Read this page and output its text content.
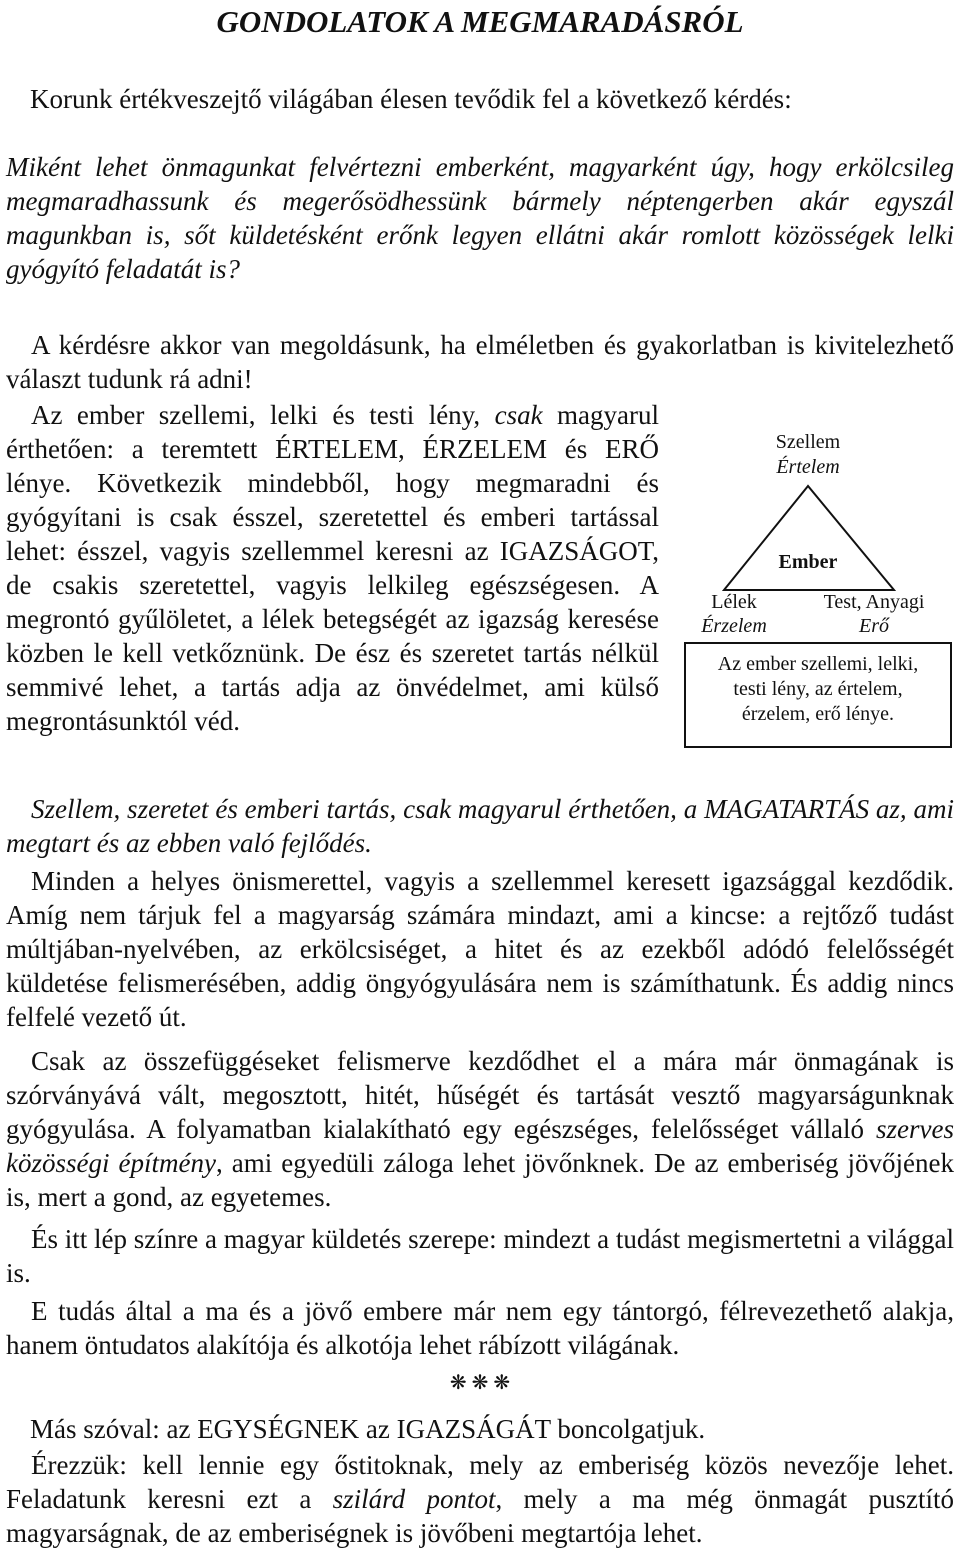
GONDOLATOK A MEGMARADÁSRÓL

Korunk értékveszejtő világában élesen tevődik fel a következő kérdés:

Miként lehet önmagunkat felvértezni emberként, magyarként úgy, hogy erkölcsileg megmaradhassunk és megerősödhessünk bármely néptengerben akár egyszál magunkban is, sőt küldetésként erőnk legyen ellátni akár romlott közösségek lelki gyógyító feladatát is?

A kérdésre akkor van megoldásunk, ha elméletben és gyakorlatban is kivitelezhető választ tudunk rá adni!

Az ember szellemi, lelki és testi lény, csak magyarul érthetően: a teremtett ÉRTELEM, ÉRZELEM és ERŐ lénye. Következik mindebből, hogy megmaradni és gyógyítani is csak ésszel, szeretettel és emberi tartással lehet: ésszel, vagyis szellemmel keresni az IGAZSÁGOT, de csakis szeretettel, vagyis lelkileg egészségesen. A megrontó gyűlöletet, a lélek betegségét az igazság keresése közben le kell vetkőznünk. De ész és szeretet tartás nélkül semmivé lehet, a tartás adja az önvédelmet, ami külső megrontásunktól véd.

Szellem, szeretet és emberi tartás, csak magyarul érthetően, a MAGATARTÁS az, ami megtart és az ebben való fejlődés.

Minden a helyes önismerettel, vagyis a szellemmel keresett igazsággal kezdődik. Amíg nem tárjuk fel a magyarság számára mindazt, ami a kincse: a rejtőző tudást múltjában-nyelvében, az erkölcsiséget, a hitet és az ezekből adódó felelősségét küldetése felismerésében, addig öngyógyulására nem is számíthatunk. És addig nincs felfelé vezető út.

Csak az összefüggéseket felismerve kezdődhet el a mára már önmagának is szórványává vált, megosztott, hitét, hűségét és tartását vesztő magyarságunknak gyógyulása. A folyamatban kialakítható egy egészséges, felelősséget vállaló szerves közösségi építmény, ami egyedüli záloga lehet jövőnknek. De az emberiség jövőjének is, mert a gond, az egyetemes.

És itt lép színre a magyar küldetés szerepe: mindezt a tudást megismertetni a világgal is.

E tudás által a ma és a jövő embere már nem egy tántorgó, félrevezethető alakja, hanem öntudatos alakítója és alkotója lehet rábízott világának.

❋ ❋ ❋

Más szóval: az EGYSÉGNEK az IGAZSÁGÁT boncolgatjuk.

Érezzük: kell lennie egy őstitoknak, mely az emberiség közös nevezője lehet. Feladatunk keresni ezt a szilárd pontot, mely a ma még önmagát pusztító magyarságnak, de az emberiségnek is jövőbeni megtartója lehet.

Szellem
Értelem
Ember
Lélek
Érzelem
Test, Anyagi
Erő
Az ember szellemi, lelki,
testi lény, az értelem,
érzelem, erő lénye.
